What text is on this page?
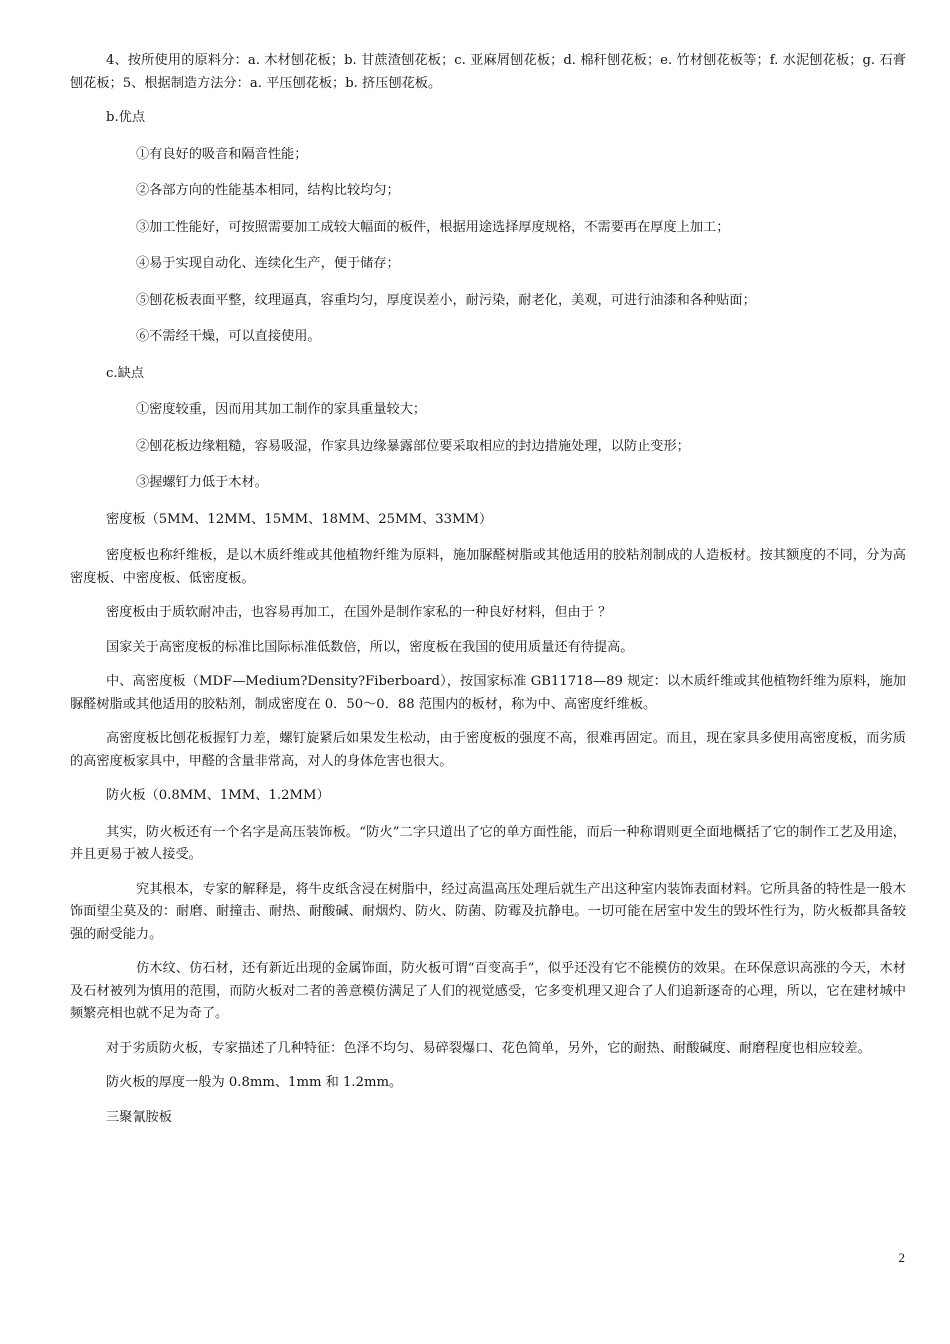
4、按所使用的原料分：a. 木材刨花板；b. 甘蔗渣刨花板；c. 亚麻屑刨花板；d. 棉秆刨花板；e. 竹材刨花板等；f. 水泥刨花板；g. 石膏刨花板；5、根据制造方法分：a. 平压刨花板；b. 挤压刨花板。

b.优点

①有良好的吸音和隔音性能；

②各部方向的性能基本相同，结构比较均匀；

③加工性能好，可按照需要加工成较大幅面的板件，根据用途选择厚度规格，不需要再在厚度上加工；

④易于实现自动化、连续化生产，便于储存；

⑤刨花板表面平整，纹理逼真，容重均匀，厚度误差小，耐污染，耐老化，美观，可进行油漆和各种贴面；

⑥不需经干燥，可以直接使用。

c.缺点

①密度较重，因而用其加工制作的家具重量较大；

②刨花板边缘粗糙，容易吸湿，作家具边缘暴露部位要采取相应的封边措施处理，以防止变形；

③握螺钉力低于木材。

密度板（5MM、12MM、15MM、18MM、25MM、33MM）

密度板也称纤维板，是以木质纤维或其他植物纤维为原料，施加脲醛树脂或其他适用的胶粘剂制成的人造板材。按其额度的不同，分为高密度板、中密度板、低密度板。

密度板由于质软耐冲击，也容易再加工，在国外是制作家私的一种良好材料，但由于 ？

国家关于高密度板的标准比国际标准低数倍，所以，密度板在我国的使用质量还有待提高。

中、高密度板（MDF—Medium?Density?Fiberboard），按国家标准 GB11718—89 规定：以木质纤维或其他植物纤维为原料，施加脲醛树脂或其他适用的胶粘剂，制成密度在 0．50～0．88 范围内的板材，称为中、高密度纤维板。

高密度板比刨花板握钉力差，螺钉旋紧后如果发生松动，由于密度板的强度不高，很难再固定。而且，现在家具多使用高密度板，而劣质的高密度板家具中，甲醛的含量非常高，对人的身体危害也很大。

防火板（0.8MM、1MM、1.2MM）

其实，防火板还有一个名字是高压装饰板。“防火”二字只道出了它的单方面性能，而后一种称谓则更全面地概括了它的制作工艺及用途，并且更易于被人接受。

究其根本，专家的解释是，将牛皮纸含浸在树脂中，经过高温高压处理后就生产出这种室内装饰表面材料。它所具备的特性是一般木饰面望尘莫及的：耐磨、耐撞击、耐热、耐酸碱、耐烟灼、防火、防菌、防霉及抗静电。一切可能在居室中发生的毁坏性行为，防火板都具备较强的耐受能力。

仿木纹、仿石材，还有新近出现的金属饰面，防火板可谓“百变高手”，似乎还没有它不能模仿的效果。在环保意识高涨的今天，木材及石材被列为慎用的范围，而防火板对二者的善意模仿满足了人们的视觉感受，它多变机理又迎合了人们追新逐奇的心理，所以，它在建材城中频繁亮相也就不足为奇了。

对于劣质防火板，专家描述了几种特征：色泽不均匀、易碎裂爆口、花色简单，另外，它的耐热、耐酸碱度、耐磨程度也相应较差。

防火板的厚度一般为 0.8mm、1mm 和 1.2mm。

三聚氰胺板

2
